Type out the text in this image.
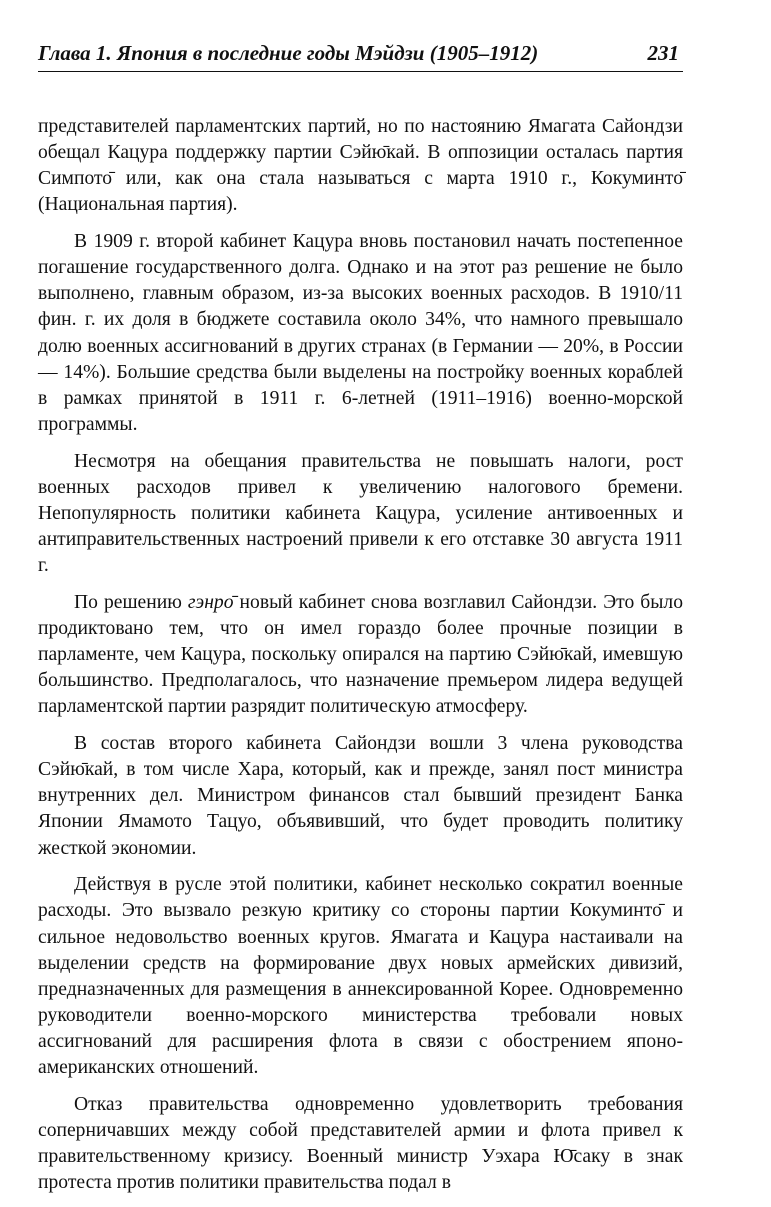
Глава 1. Япония в последние годы Мэйдзи (1905–1912)	231

представителей парламентских партий, но по настоянию Ямагата Сайондзи обещал Кацура поддержку партии Сэйю̄кай. В оппозиции осталась партия Симпото̄ или, как она стала называться с марта 1910 г., Кокуминто̄ (Национальная партия).

В 1909 г. второй кабинет Кацура вновь постановил начать постепенное погашение государственного долга. Однако и на этот раз решение не было выполнено, главным образом, из-за высоких военных расходов. В 1910/11 фин. г. их доля в бюджете составила около 34%, что намного превышало долю военных ассигнований в других странах (в Германии — 20%, в России — 14%). Большие средства были выделены на постройку военных кораблей в рамках принятой в 1911 г. 6-летней (1911–1916) военно-морской программы.

Несмотря на обещания правительства не повышать налоги, рост военных расходов привел к увеличению налогового бремени. Непопулярность политики кабинета Кацура, усиление антивоенных и антиправительственных настроений привели к его отставке 30 августа 1911 г.

По решению гэнро̄ новый кабинет снова возглавил Сайондзи. Это было продиктовано тем, что он имел гораздо более прочные позиции в парламенте, чем Кацура, поскольку опирался на партию Сэйю̄кай, имевшую большинство. Предполагалось, что назначение премьером лидера ведущей парламентской партии разрядит политическую атмосферу.

В состав второго кабинета Сайондзи вошли 3 члена руководства Сэйю̄кай, в том числе Хара, который, как и прежде, занял пост министра внутренних дел. Министром финансов стал бывший президент Банка Японии Ямамото Тацуо, объявивший, что будет проводить политику жесткой экономии.

Действуя в русле этой политики, кабинет несколько сократил военные расходы. Это вызвало резкую критику со стороны партии Кокуминто̄ и сильное недовольство военных кругов. Ямагата и Кацура настаивали на выделении средств на формирование двух новых армейских дивизий, предназначенных для размещения в аннексированной Корее. Одновременно руководители военно-морского министерства требовали новых ассигнований для расширения флота в связи с обострением японо-американских отношений.

Отказ правительства одновременно удовлетворить требования соперничавших между собой представителей армии и флота привел к правительственному кризису. Военный министр Уэхара Ю̄саку в знак протеста против политики правительства подал в
